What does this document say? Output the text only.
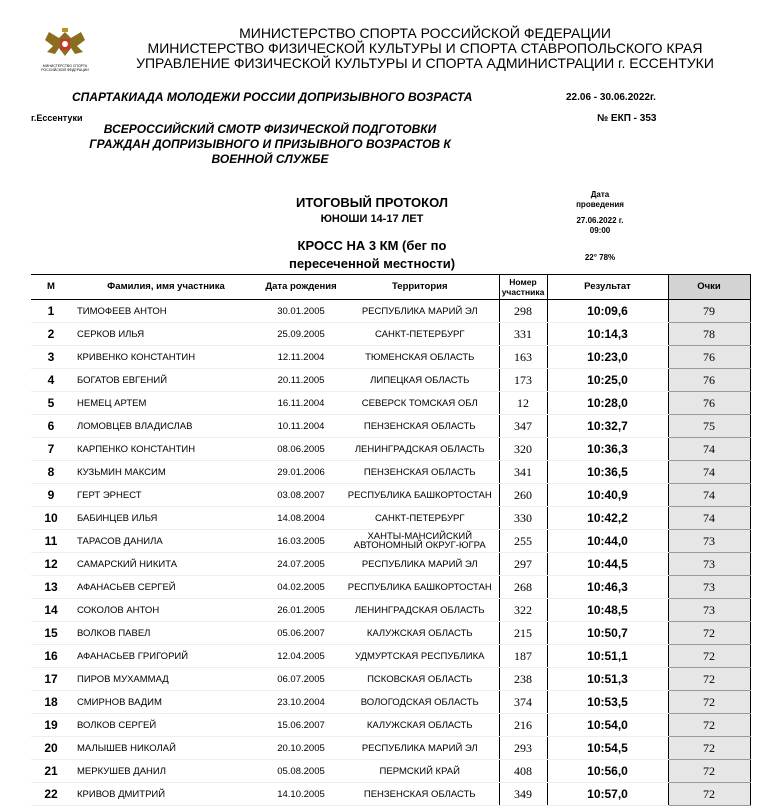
МИНИСТЕРСТВО СПОРТА РОССИЙСКОЙ ФЕДЕРАЦИИ
МИНИСТЕРСТВО СПОРТА РОССИЙСКОЙ ФЕДЕРАЦИИ
МИНИСТЕРСТВО ФИЗИЧЕСКОЙ КУЛЬТУРЫ И СПОРТА СТАВРОПОЛЬСКОГО КРАЯ
УПРАВЛЕНИЕ ФИЗИЧЕСКОЙ КУЛЬТУРЫ И СПОРТА АДМИНИСТРАЦИИ г. ЕССЕНТУКИ
СПАРТАКИАДА МОЛОДЕЖИ РОССИИ ДОПРИЗЫВНОГО ВОЗРАСТА	22.06 - 30.06.2022г.
г.Ессентуки	№ ЕКП - 353
ВСЕРОССИЙСКИЙ СМОТР ФИЗИЧЕСКОЙ ПОДГОТОВКИ
ГРАЖДАН ДОПРИЗЫВНОГО И ПРИЗЫВНОГО ВОЗРАСТОВ К
ВОЕННОЙ СЛУЖБЕ
ИТОГОВЫЙ ПРОТОКОЛ
ЮНОШИ 14-17 ЛЕТ
КРОСС НА 3 КМ (бег по
пересеченной местности)
Дата
проведения
27.06.2022 г.
09:00
22° 78%
М	Фамилия, имя участника	Дата рождения	Территория	Номер участника	Результат	Очки
1	ТИМОФЕЕВ АНТОН	30.01.2005	РЕСПУБЛИКА МАРИЙ ЭЛ	298	10:09,6	79
2	СЕРКОВ ИЛЬЯ	25.09.2005	САНКТ-ПЕТЕРБУРГ	331	10:14,3	78
3	КРИВЕНКО КОНСТАНТИН	12.11.2004	ТЮМЕНСКАЯ ОБЛАСТЬ	163	10:23,0	76
4	БОГАТОВ ЕВГЕНИЙ	20.11.2005	ЛИПЕЦКАЯ ОБЛАСТЬ	173	10:25,0	76
5	НЕМЕЦ АРТЕМ	16.11.2004	СЕВЕРСК ТОМСКАЯ ОБЛ	12	10:28,0	76
6	ЛОМОВЦЕВ ВЛАДИСЛАВ	10.11.2004	ПЕНЗЕНСКАЯ ОБЛАСТЬ	347	10:32,7	75
7	КАРПЕНКО КОНСТАНТИН	08.06.2005	ЛЕНИНГРАДСКАЯ ОБЛАСТЬ	320	10:36,3	74
8	КУЗЬМИН МАКСИМ	29.01.2006	ПЕНЗЕНСКАЯ ОБЛАСТЬ	341	10:36,5	74
9	ГЕРТ ЭРНЕСТ	03.08.2007	РЕСПУБЛИКА БАШКОРТОСТАН	260	10:40,9	74
10	БАБИНЦЕВ ИЛЬЯ	14.08.2004	САНКТ-ПЕТЕРБУРГ	330	10:42,2	74
11	ТАРАСОВ ДАНИЛА	16.03.2005	ХАНТЫ-МАНСИЙСКИЙ АВТОНОМНЫЙ ОКРУГ-ЮГРА	255	10:44,0	73
12	САМАРСКИЙ НИКИТА	24.07.2005	РЕСПУБЛИКА МАРИЙ ЭЛ	297	10:44,5	73
13	АФАНАСЬЕВ СЕРГЕЙ	04.02.2005	РЕСПУБЛИКА БАШКОРТОСТАН	268	10:46,3	73
14	СОКОЛОВ АНТОН	26.01.2005	ЛЕНИНГРАДСКАЯ ОБЛАСТЬ	322	10:48,5	73
15	ВОЛКОВ ПАВЕЛ	05.06.2007	КАЛУЖСКАЯ ОБЛАСТЬ	215	10:50,7	72
16	АФАНАСЬЕВ ГРИГОРИЙ	12.04.2005	УДМУРТСКАЯ РЕСПУБЛИКА	187	10:51,1	72
17	ПИРОВ МУХАММАД	06.07.2005	ПСКОВСКАЯ ОБЛАСТЬ	238	10:51,3	72
18	СМИРНОВ ВАДИМ	23.10.2004	ВОЛОГОДСКАЯ ОБЛАСТЬ	374	10:53,5	72
19	ВОЛКОВ СЕРГЕЙ	15.06.2007	КАЛУЖСКАЯ ОБЛАСТЬ	216	10:54,0	72
20	МАЛЫШЕВ НИКОЛАЙ	20.10.2005	РЕСПУБЛИКА МАРИЙ ЭЛ	293	10:54,5	72
21	МЕРКУШЕВ ДАНИЛ	05.08.2005	ПЕРМСКИЙ КРАЙ	408	10:56,0	72
22	КРИВОВ ДМИТРИЙ	14.10.2005	ПЕНЗЕНСКАЯ ОБЛАСТЬ	349	10:57,0	72
